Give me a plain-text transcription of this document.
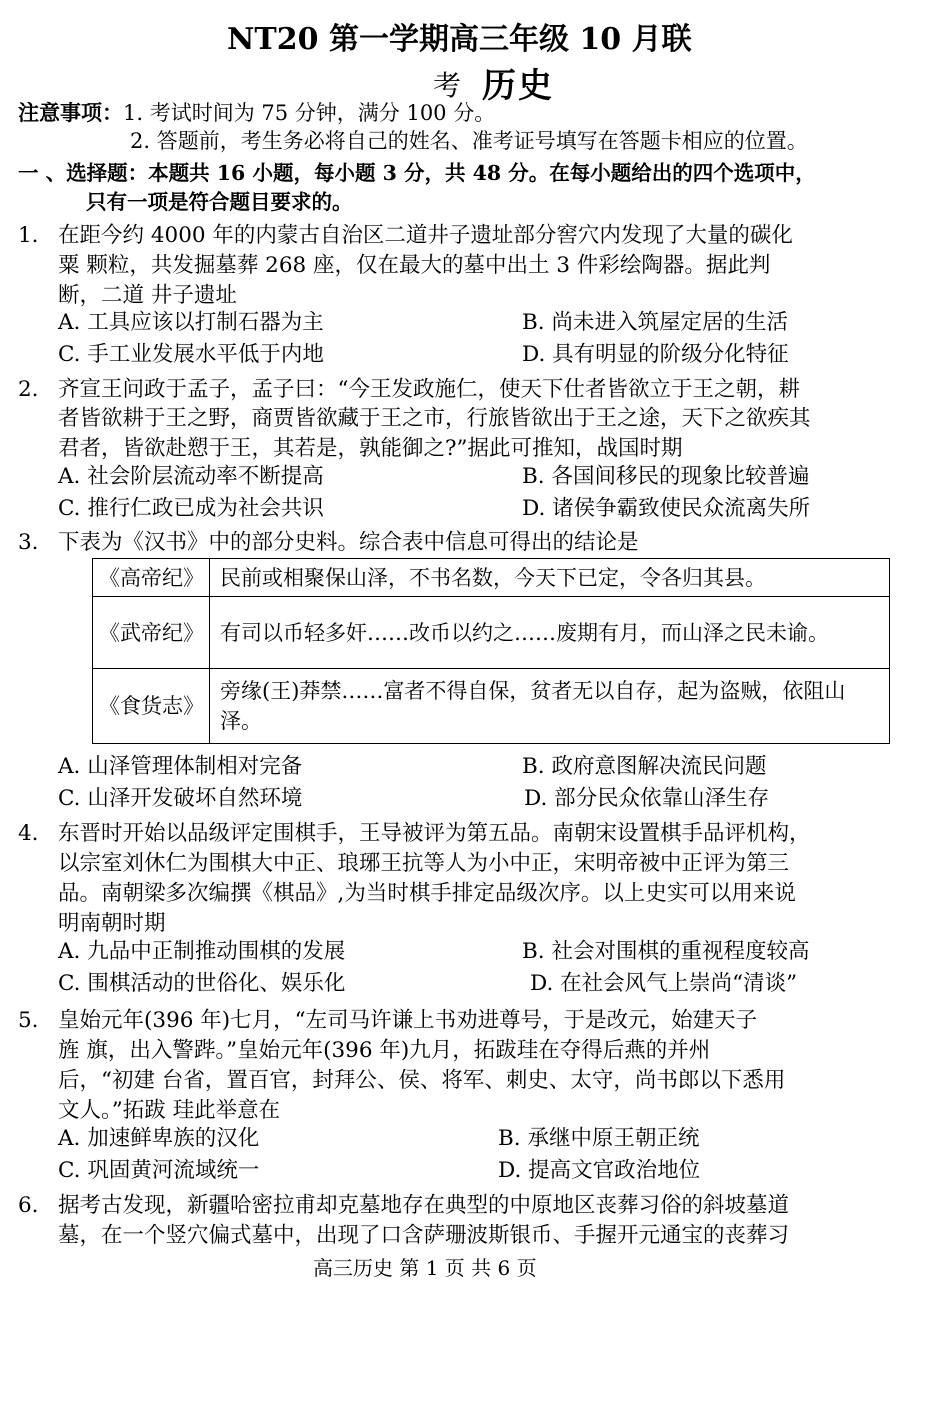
NT20 第一学期高三年级 10 月联
考 历史
注意事项：1. 考试时间为 75 分钟，满分 100 分。
2. 答题前，考生务必将自己的姓名、准考证号填写在答题卡相应的位置。
一 、选择题：本题共 16 小题，每小题 3 分，共 48 分。在每小题给出的四个选项中，
只有一项是符合题目要求的。
1. 在距今约 4000 年的内蒙古自治区二道井子遗址部分窖穴内发现了大量的碳化
粟 颗粒，共发掘墓葬 268 座，仅在最大的墓中出土 3 件彩绘陶器。据此判
断，二道 井子遗址
A. 工具应该以打制石器为主	B. 尚未进入筑屋定居的生活
C. 手工业发展水平低于内地	D. 具有明显的阶级分化特征
2. 齐宣王问政于孟子，孟子曰：“今王发政施仁，使天下仕者皆欲立于王之朝，耕
者皆欲耕于王之野，商贾皆欲藏于王之市，行旅皆欲出于王之途，天下之欲疾其
君者，皆欲赴愬于王，其若是，孰能御之?”据此可推知，战国时期
A. 社会阶层流动率不断提高	B. 各国间移民的现象比较普遍
C. 推行仁政已成为社会共识	D. 诸侯争霸致使民众流离失所
3. 下表为《汉书》中的部分史料。综合表中信息可得出的结论是
《高帝纪》	民前或相聚保山泽，不书名数，今天下已定，令各归其县。
《武帝纪》	有司以币轻多奸……改币以约之……废期有月，而山泽之民未谕。
《食货志》	旁缘(王)莽禁……富者不得自保，贫者无以自存，起为盗贼，依阻山泽。
A. 山泽管理体制相对完备	B. 政府意图解决流民问题
C. 山泽开发破坏自然环境	D. 部分民众依靠山泽生存
4. 东晋时开始以品级评定围棋手，王导被评为第五品。南朝宋设置棋手品评机构，
以宗室刘休仁为围棋大中正、琅琊王抗等人为小中正，宋明帝被中正评为第三
品。南朝梁多次编撰《棋品》,为当时棋手排定品级次序。以上史实可以用来说
明南朝时期
A. 九品中正制推动围棋的发展	B. 社会对围棋的重视程度较高
C. 围棋活动的世俗化、娱乐化	D. 在社会风气上崇尚“清谈”
5. 皇始元年(396 年)七月，“左司马许谦上书劝进尊号，于是改元，始建天子
旌 旗，出入警跸。”皇始元年(396 年)九月，拓跋珪在夺得后燕的并州
后，“初建 台省，置百官，封拜公、侯、将军、刺史、太守，尚书郎以下悉用
文人。”拓跋 珪此举意在
A. 加速鲜卑族的汉化	B. 承继中原王朝正统
C. 巩固黄河流域统一	D. 提高文官政治地位
6. 据考古发现，新疆哈密拉甫却克墓地存在典型的中原地区丧葬习俗的斜坡墓道
墓，在一个竖穴偏式墓中，出现了口含萨珊波斯银币、手握开元通宝的丧葬习
高三历史 第 1 页 共 6 页
